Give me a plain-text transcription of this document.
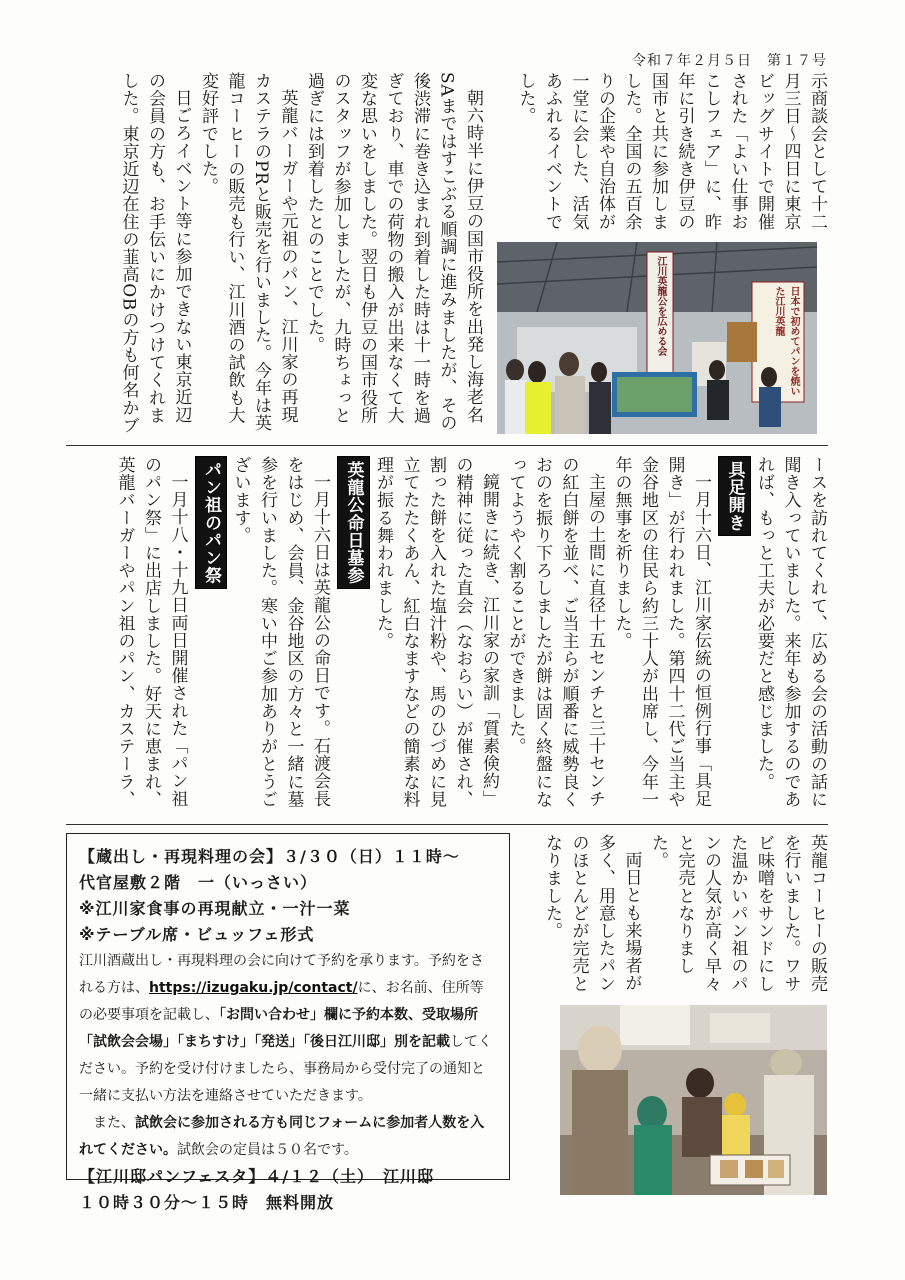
令和７年２月５日　第１７号

示商談会として十二月三日～四日に東京ビッグサイトで開催された「よい仕事おこしフェア」に、昨年に引き続き伊豆の国市と共に参加しました。全国の五百余りの企業や自治体が一堂に会した、活気あふれるイベントでした。

江川英龍公を広める会	日本で初めてパンを焼いた江川英龍

朝六時半に伊豆の国市役所を出発し海老名SAまではすこぶる順調に進みましたが、その後渋滞に巻き込まれ到着した時は十一時を過ぎており、車での荷物の搬入が出来なくて大変な思いをしました。翌日も伊豆の国市役所のスタッフが参加しましたが、九時ちょっと過ぎには到着したとのことでした。

英龍バーガーや元祖のパン、江川家の再現カステラのPRと販売を行いました。今年は英龍コーヒーの販売も行い、江川酒の試飲も大変好評でした。

日ごろイベント等に参加できない東京近辺の会員の方も、お手伝いにかけつけてくれました。東京近辺在住の韮高OBの方も何名かブ

ースを訪れてくれて、広める会の活動の話に聞き入っていました。来年も参加するのであれば、もっと工夫が必要だと感じました。

具足開き

一月十六日、江川家伝統の恒例行事「具足開き」が行われました。第四十二代ご当主や金谷地区の住民ら約三十人が出席し、今年一年の無事を祈りました。

主屋の土間に直径十五センチと三十センチの紅白餅を並べ、ご当主らが順番に威勢良くおのを振り下ろしましたが餅は固く終盤になってようやく割ることができました。

鏡開きに続き、江川家の家訓「質素倹約」の精神に従った直会（なおらい）が催され、割った餅を入れた塩汁粉や、馬のひづめに見立てたたくあん、紅白なますなどの簡素な料理が振る舞われました。

英龍公命日墓参

一月十六日は英龍公の命日です。石渡会長をはじめ、会員、金谷地区の方々と一緒に墓参を行いました。寒い中ご参加ありがとうございます。

パン祖のパン祭

一月十八・十九日両日開催された「パン祖のパン祭」に出店しました。好天に恵まれ、英龍バーガーやパン祖のパン、カステーラ、

英龍コーヒーの販売を行いました。ワサビ味噌をサンドにした温かいパン祖のパンの人気が高く早々と完売となりました。

両日とも来場者が多く、用意したパンのほとんどが完売となりました。

【蔵出し・再現料理の会】３/３０（日）１１時～

代官屋敷２階　一（いっさい）

※江川家食事の再現献立・一汁一菜

※テーブル席・ビュッフェ形式

江川酒蔵出し・再現料理の会に向けて予約を承ります。予約をされる方は、https://izugaku.jp/contact/に、お名前、住所等の必要事項を記載し、「お問い合わせ」欄に予約本数、受取場所「試飲会会場」「まちすけ」「発送」「後日江川邸」別を記載してください。予約を受け付けましたら、事務局から受付完了の通知と一緒に支払い方法を連絡させていただきます。

　また、試飲会に参加される方も同じフォームに参加者人数を入れてください。試飲会の定員は５０名です。

【江川邸パンフェスタ】４/１２（土）　江川邸

１０時３０分～１５時　無料開放
